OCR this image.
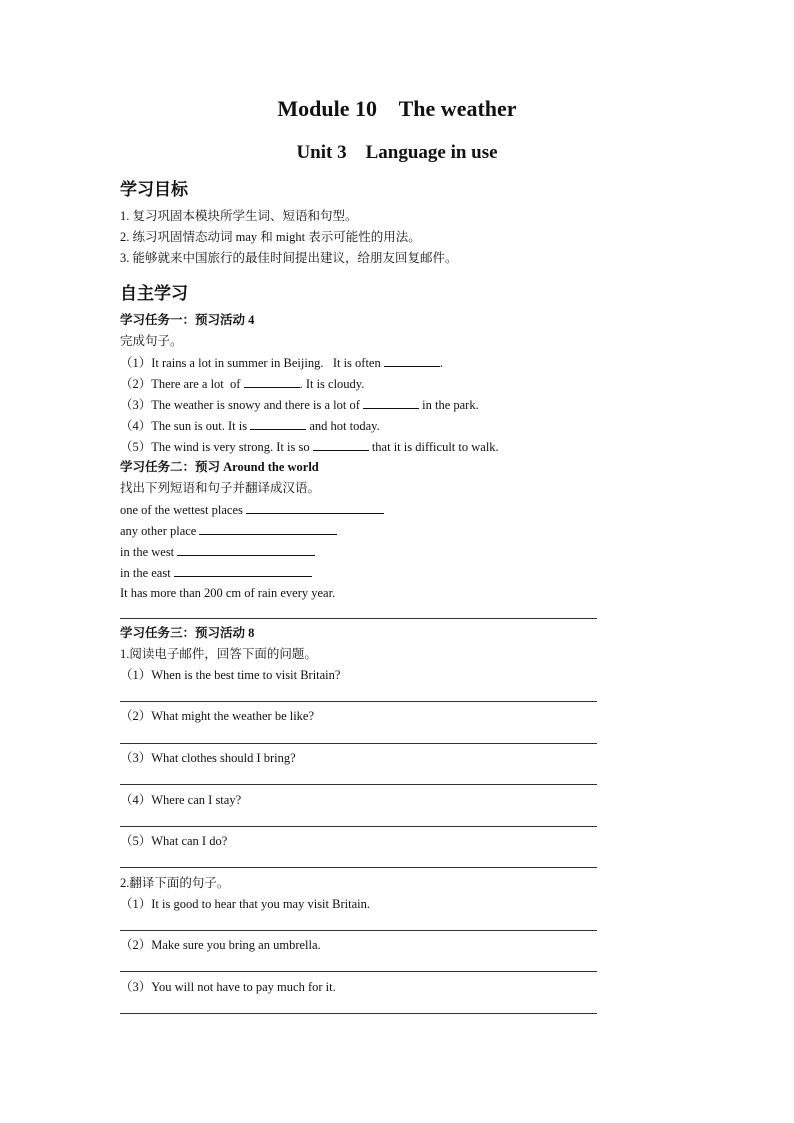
Module 10    The weather
Unit 3    Language in use
学习目标
1. 复习巩固本模块所学生词、短语和句型。
2. 练习巩固情态动词 may 和 might 表示可能性的用法。
3. 能够就来中国旅行的最佳时间提出建议，给朋友回复邮件。
自主学习
学习任务一：预习活动 4
完成句子。
（1）It rains a lot in summer in Beijing.   It is often	.
（2）There are a lot  of	. It is cloudy.
（3）The weather is snowy and there is a lot of	in the park.
（4）The sun is out. It is	and hot today.
（5）The wind is very strong. It is so	that it is difficult to walk.
学习任务二：预习 Around the world
找出下列短语和句子并翻译成汉语。
one of the wettest places
any other place
in the west
in the east
It has more than 200 cm of rain every year.
学习任务三：预习活动 8
1.阅读电子邮件，回答下面的问题。
（1）When is the best time to visit Britain?
（2）What might the weather be like?
（3）What clothes should I bring?
（4）Where can I stay?
（5）What can I do?
2.翻译下面的句子。
（1）It is good to hear that you may visit Britain.
（2）Make sure you bring an umbrella.
（3）You will not have to pay much for it.
